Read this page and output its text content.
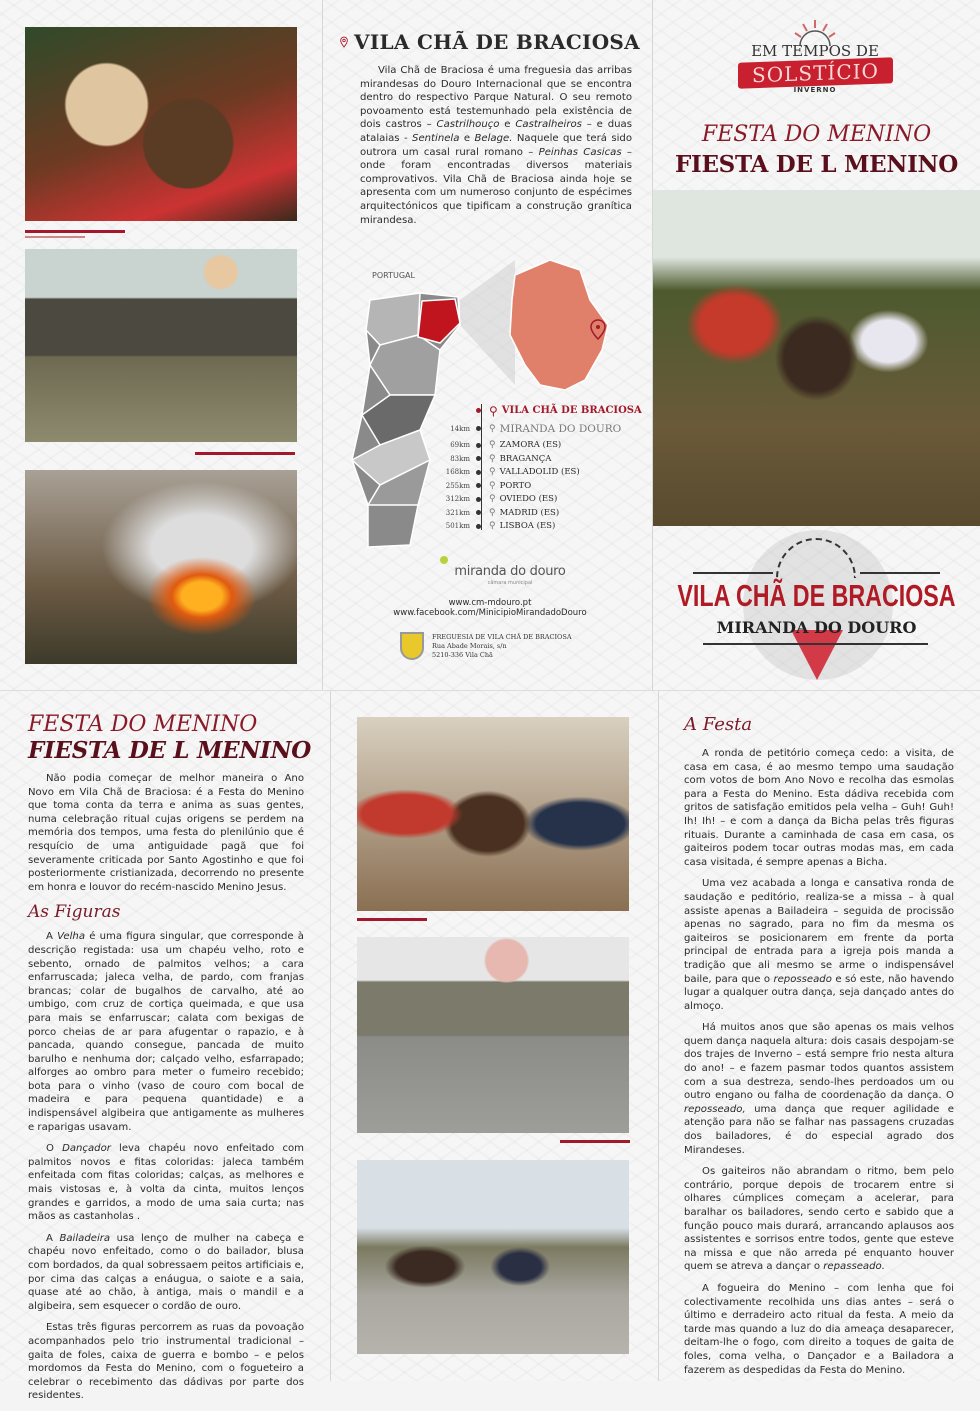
VILA CHÃ DE BRACIOSA

Vila Chã de Braciosa é uma freguesia das arribas mirandesas do Douro Internacional que se encontra dentro do respectivo Parque Natural. O seu remoto povoamento está testemunhado pela existência de dois castros – Castrilhouço e Castralheiros – e duas atalaias - Sentinela e Belage. Naquele que terá sido outrora um casal rural romano – Peinhas Casicas – onde foram encontradas diversos materiais comprovativos. Vila Chã de Braciosa ainda hoje se apresenta com um numeroso conjunto de espécimes arquitectónicos que tipificam a construção granítica mirandesa.

PORTUGAL
⚲ VILA CHÃ DE BRACIOSA
14km	⚲ MIRANDA DO DOURO
69km	⚲ ZAMORA (ES)
83km	⚲ BRAGANÇA
168km	⚲ VALLADOLID (ES)
255km	⚲ PORTO
312km	⚲ OVIEDO (ES)
321km	⚲ MADRID (ES)
501km	⚲ LISBOA (ES)
miranda do douro
câmara municipal
www.cm-mdouro.pt
www.facebook.com/MinicipioMirandadoDouro
FREGUESIA DE VILA CHÃ DE BRACIOSA
Rua Abade Morais, s/n
5210-336 Vila Chã
EM TEMPOS DE
SOLSTÍCIO
INVERNO
FESTA DO MENINO
FIESTA DE L MENINO
VILA CHÃ DE BRACIOSA
MIRANDA DO DOURO
FESTA DO MENINO
FIESTA DE L MENINO

Não podia começar de melhor maneira o Ano Novo em Vila Chã de Braciosa: é a Festa do Menino que toma conta da terra e anima as suas gentes, numa celebração ritual cujas origens se perdem na memória dos tempos, uma festa do plenilúnio que é resquício de uma antiguidade pagã que foi severamente criticada por Santo Agostinho e que foi posteriormente cristianizada, decorrendo no presente em honra e louvor do recém-nascido Menino Jesus.

As Figuras

A Velha é uma figura singular, que corresponde à descrição registada: usa um chapéu velho, roto e sebento, ornado de palmitos velhos; a cara enfarruscada; jaleca velha, de pardo, com franjas brancas; colar de bugalhos de carvalho, até ao umbigo, com cruz de cortiça queimada, e que usa para mais se enfarruscar; calata com bexigas de porco cheias de ar para afugentar o rapazio, e à pancada, quando consegue, pancada de muito barulho e nenhuma dor; calçado velho, esfarrapado; alforges ao ombro para meter o fumeiro recebido; bota para o vinho (vaso de couro com bocal de madeira e para pequena quantidade) e a indispensável algibeira que antigamente as mulheres e raparigas usavam.

O Dançador leva chapéu novo enfeitado com palmitos novos e fitas coloridas: jaleca também enfeitada com fitas coloridas; calças, as melhores e mais vistosas e, à volta da cinta, muitos lenços grandes e garridos, a modo de uma saia curta; nas mãos as castanholas .

A Bailadeira usa lenço de mulher na cabeça e chapéu novo enfeitado, como o do bailador, blusa com bordados, da qual sobressaem peitos artificiais e, por cima das calças a enáugua, o saiote e a saia, quase até ao chão, à antiga, mais o mandil e a algibeira, sem esquecer o cordão de ouro.

Estas três figuras percorrem as ruas da povoação acompanhados pelo trio instrumental tradicional – gaita de foles, caixa de guerra e bombo – e pelos mordomos da Festa do Menino, com o fogueteiro a celebrar o recebimento das dádivas por parte dos residentes.

A Festa

A ronda de petitório começa cedo: a visita, de casa em casa, é ao mesmo tempo uma saudação com votos de bom Ano Novo e recolha das esmolas para a Festa do Menino. Esta dádiva recebida com gritos de satisfação emitidos pela velha – Guh! Guh! Ih! Ih! – e com a dança da Bicha pelas três figuras rituais. Durante a caminhada de casa em casa, os gaiteiros podem tocar outras modas mas, em cada casa visitada, é sempre apenas a Bicha.

Uma vez acabada a longa e cansativa ronda de saudação e peditório, realiza-se a missa – à qual assiste apenas a Bailadeira – seguida de procissão apenas no sagrado, para no fim da mesma os gaiteiros se posicionarem em frente da porta principal de entrada para a igreja pois manda a tradição que ali mesmo se arme o indispensável baile, para que o reposseado e só este, não havendo lugar a qualquer outra dança, seja dançado antes do almoço.

Há muitos anos que são apenas os mais velhos quem dança naquela altura: dois casais despojam-se dos trajes de Inverno – está sempre frio nesta altura do ano! – e fazem pasmar todos quantos assistem com a sua destreza, sendo-lhes perdoados um ou outro engano ou falha de coordenação da dança. O reposseado, uma dança que requer agilidade e atenção para não se falhar nas passagens cruzadas dos bailadores, é do especial agrado dos Mirandeses.

Os gaiteiros não abrandam o ritmo, bem pelo contrário, porque depois de trocarem entre si olhares cúmplices começam a acelerar, para baralhar os bailadores, sendo certo e sabido que a função pouco mais durará, arrancando aplausos aos assistentes e sorrisos entre todos, gente que esteve na missa e que não arreda pé enquanto houver quem se atreva a dançar o repasseado.

A fogueira do Menino – com lenha que foi colectivamente recolhida uns dias antes – será o último e derradeiro acto ritual da festa. A meio da tarde mas quando a luz do dia ameaça desaparecer, deitam-lhe o fogo, com direito a toques de gaita de foles, coma velha, o Dançador e a Bailadora a fazerem as despedidas da Festa do Menino.
